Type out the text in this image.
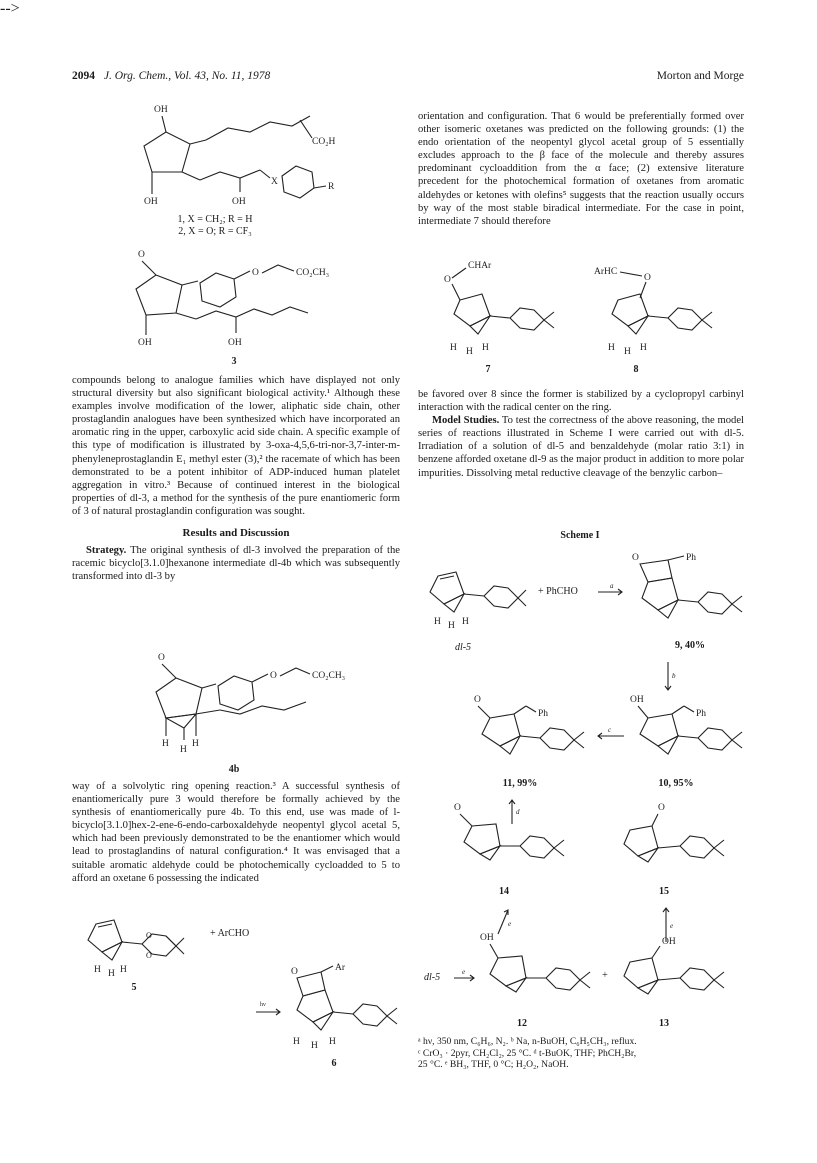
2094 J. Org. Chem., Vol. 43, No. 11, 1978	Morton and Morge
OH
CO₂H
OH	OH
X	R
1, X = CH₂; R = H
2, X = O; R = CF₃
O
O	CO₂CH₃
OH	OH
3

compounds belong to analogue families which have displayed not only structural diversity but also significant biological activity.¹ Although these examples involve modification of the lower, aliphatic side chain, other prostaglandin analogues have been synthesized which have incorporated an aromatic ring in the upper, carboxylic acid side chain. A specific example of this type of modification is illustrated by 3-oxa-4,5,6-tri-nor-3,7-inter-m-phenyleneprostaglandin E₁ methyl ester (3),² the racemate of which has been demonstrated to be a potent inhibitor of ADP-induced human platelet aggregation in vitro.³ Because of continued interest in the biological properties of dl-3, a method for the synthesis of the pure enantiomeric form of 3 of natural prostaglandin configuration was sought.

Results and Discussion

Strategy. The original synthesis of dl-3 involved the preparation of the racemic bicyclo[3.1.0]hexanone intermediate dl-4b which was subsequently transformed into dl-3 by

O
O	CO₂CH₃
H
H
H
4b

way of a solvolytic ring opening reaction.³ A successful synthesis of enantiomerically pure 3 would therefore be formally achieved by the synthesis of enantiomerically pure 4b. To this end, use was made of l-bicyclo[3.1.0]hex-2-ene-6-endo-carboxaldehyde neopentyl glycol acetal 5, which had been previously demonstrated to be the enantiomer which would lead to prostaglandins of natural configuration.⁴ It was envisaged that a suitable aromatic aldehyde could be photochemically cycloadded to 5 to afford an oxetane 6 possessing the indicated

O
O
H H H
+ ArCHO
5
hν
O	Ar
H H H
6

orientation and configuration. That 6 would be preferentially formed over other isomeric oxetanes was predicted on the following grounds: (1) the endo orientation of the neopentyl glycol acetal group of 5 essentially excludes approach to the β face of the molecule and thereby assures predominant cycloaddition from the α face; (2) extensive literature precedent for the photochemical formation of oxetanes from aromatic aldehydes or ketones with olefins⁵ suggests that the reaction usually occurs by way of the most stable biradical intermediate. For the case in point, intermediate 7 should therefore

CHAr
O
H H H
7
ArHC
O
H H H
8

be favored over 8 since the former is stabilized by a cyclopropyl carbinyl interaction with the radical center on the ring.

Model Studies. To test the correctness of the above reasoning, the model series of reactions illustrated in Scheme I were carried out with dl-5. Irradiation of a solution of dl-5 and benzaldehyde (molar ratio 3:1) in benzene afforded oxetane dl-9 as the major product in addition to more polar impurities. Dissolving metal reductive cleavage of the benzylic carbon–

Scheme I
H H H
dl-5
+ PhCHO	a
O	Ph
9, 40%
b
O
Ph
11, 99%
c
OH
Ph
10, 95%
d
O
14
O
15
e	e
-->
dl-5	e
OH
12
+
OH
13
ᵃ hν, 350 nm, C₆H₆, N₂. ᵇ Na, n-BuOH, C₆H₅CH₃, reflux.
ᶜ CrO₃ · 2pyr, CH₂Cl₂, 25 °C. ᵈ t-BuOK, THF; PhCH₂Br,
25 °C. ᵉ BH₃, THF, 0 °C; H₂O₂, NaOH.
